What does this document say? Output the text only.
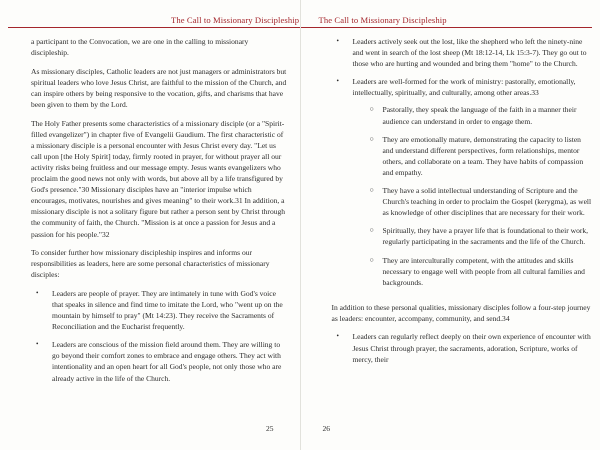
The Call to Missionary Discipleship

a participant to the Convocation, we are one in the calling to missionary discipleship.

As missionary disciples, Catholic leaders are not just managers or administrators but spiritual leaders who love Jesus Christ, are faithful to the mission of the Church, and can inspire others by being responsive to the vocation, gifts, and charisms that have been given to them by the Lord.

The Holy Father presents some characteristics of a missionary disciple (or a "Spirit-filled evangelizer") in chapter five of Evangelii Gaudium. The first characteristic of a missionary disciple is a personal encounter with Jesus Christ every day. "Let us call upon [the Holy Spirit] today, firmly rooted in prayer, for without prayer all our activity risks being fruitless and our message empty. Jesus wants evangelizers who proclaim the good news not only with words, but above all by a life transfigured by God's presence."30 Missionary disciples have an "interior impulse which encourages, motivates, nourishes and gives meaning" to their work.31 In addition, a missionary disciple is not a solitary figure but rather a person sent by Christ through the community of faith, the Church. "Mission is at once a passion for Jesus and a passion for his people."32

To consider further how missionary discipleship inspires and informs our responsibilities as leaders, here are some personal characteristics of missionary disciples:

•	Leaders are people of prayer. They are intimately in tune with God's voice that speaks in silence and find time to imitate the Lord, who "went up on the mountain by himself to pray" (Mt 14:23). They receive the Sacraments of Reconciliation and the Eucharist frequently.

•	Leaders are conscious of the mission field around them. They are willing to go beyond their comfort zones to embrace and engage others. They act with intentionality and an open heart for all God's people, not only those who are already active in the life of the Church.

25
The Call to Missionary Discipleship
•	Leaders actively seek out the lost, like the shepherd who left the ninety-nine and went in search of the lost sheep (Mt 18:12-14, Lk 15:3-7). They go out to those who are hurting and wounded and bring them "home" to the Church.

•	Leaders are well-formed for the work of ministry: pastorally, emotionally, intellectually, spiritually, and culturally, among other areas.33

○	Pastorally, they speak the language of the faith in a manner their audience can understand in order to engage them.

○	They are emotionally mature, demonstrating the capacity to listen and understand different perspectives, form relationships, mentor others, and collaborate on a team. They have habits of compassion and empathy.

○	They have a solid intellectual understanding of Scripture and the Church's teaching in order to proclaim the Gospel (kerygma), as well as knowledge of other disciplines that are necessary for their work.

○	Spiritually, they have a prayer life that is foundational to their work, regularly participating in the sacraments and the life of the Church.

○	They are interculturally competent, with the attitudes and skills necessary to engage well with people from all cultural families and backgrounds.

In addition to these personal qualities, missionary disciples follow a four-step journey as leaders: encounter, accompany, community, and send.34

•	Leaders can regularly reflect deeply on their own experience of encounter with Jesus Christ through prayer, the sacraments, adoration, Scripture, works of mercy, their

26
